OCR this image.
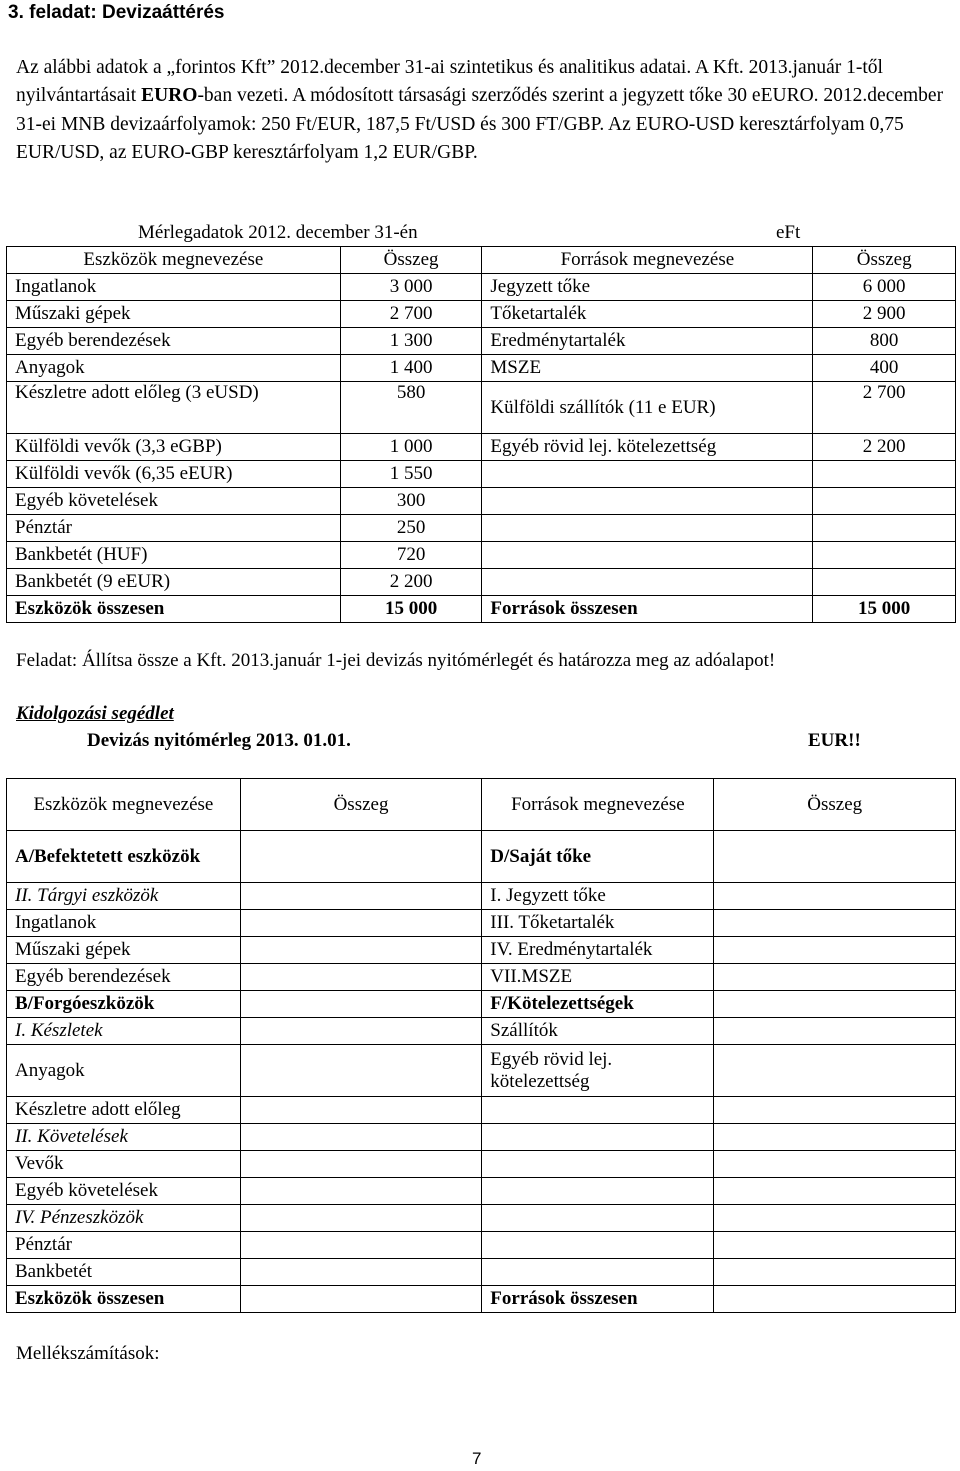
3. feladat: Devizaáttérés
Az alábbi adatok a „forintos Kft” 2012.december 31-ai szintetikus és analitikus adatai. A Kft. 2013.január 1-től nyilvántartásait EURO-ban vezeti. A módosított társasági szerződés szerint a jegyzett tőke 30 eEURO. 2012.december 31-ei MNB devizaárfolyamok: 250 Ft/EUR, 187,5 Ft/USD és 300 FT/GBP. Az EURO-USD keresztárfolyam 0,75 EUR/USD, az EURO-GBP keresztárfolyam 1,2 EUR/GBP.
Mérlegadatok 2012. december 31-én	eFt
Eszközök megnevezése	Összeg	Források megnevezése	Összeg
Ingatlanok	3 000	Jegyzett tőke	6 000
Műszaki gépek	2 700	Tőketartalék	2 900
Egyéb berendezések	1 300	Eredménytartalék	800
Anyagok	1 400	MSZE	400
Készletre adott előleg (3 eUSD)	580	Külföldi szállítók (11 e EUR)	2 700
Külföldi vevők (3,3 eGBP)	1 000	Egyéb rövid lej. kötelezettség	2 200
Külföldi vevők (6,35 eEUR)	1 550		
Egyéb követelések	300		
Pénztár	250		
Bankbetét (HUF)	720		
Bankbetét (9 eEUR)	2 200		
Eszközök összesen	15 000	Források összesen	15 000
Feladat: Állítsa össze a Kft. 2013.január 1-jei devizás nyitómérlegét és határozza meg az adóalapot!
Kidolgozási segédlet
Devizás nyitómérleg 2013. 01.01.	EUR!!
Eszközök megnevezése	Összeg	Források megnevezése	Összeg
A/Befektetett eszközök		D/Saját tőke	
II. Tárgyi eszközök		I. Jegyzett tőke	
Ingatlanok		III. Tőketartalék	
Műszaki gépek		IV. Eredménytartalék	
Egyéb berendezések		VII.MSZE	
B/Forgóeszközök		F/Kötelezettségek	
I. Készletek		Szállítók	
Anyagok		Egyéb rövid lej. kötelezettség	
Készletre adott előleg			
II. Követelések			
Vevők			
Egyéb követelések			
IV. Pénzeszközök			
Pénztár			
Bankbetét			
Eszközök összesen		Források összesen	
Mellékszámítások:
7
